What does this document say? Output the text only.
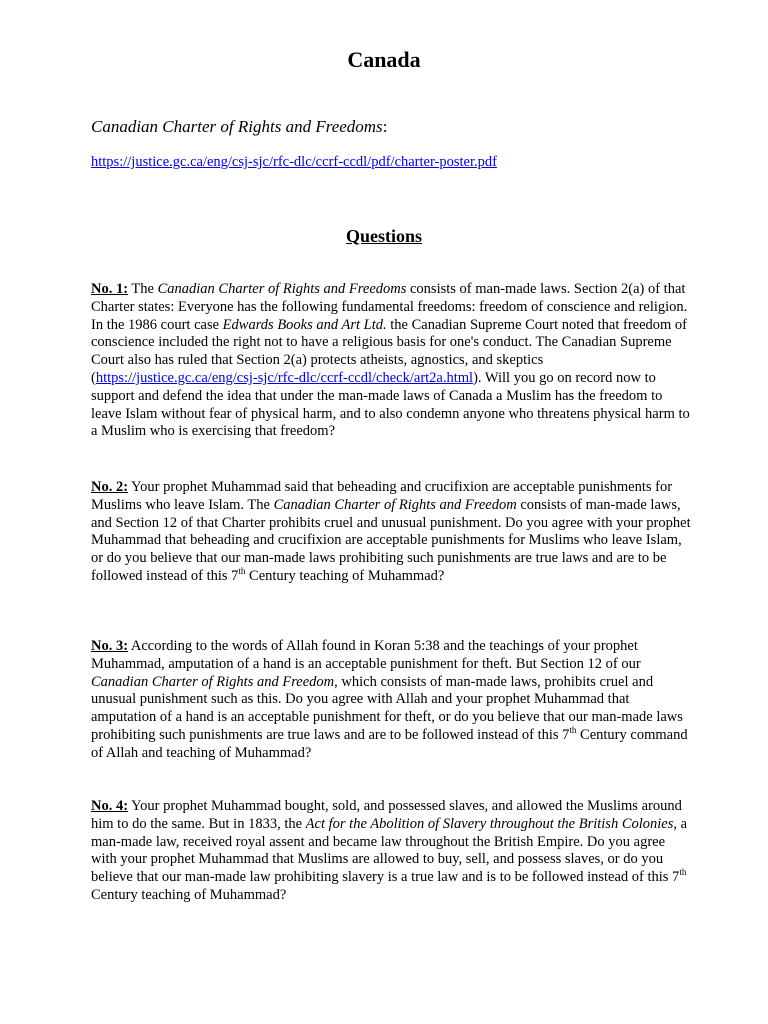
Canada
Canadian Charter of Rights and Freedoms:
https://justice.gc.ca/eng/csj-sjc/rfc-dlc/ccrf-ccdl/pdf/charter-poster.pdf
Questions

No. 1: The Canadian Charter of Rights and Freedoms consists of man-made laws. Section 2(a) of that Charter states: Everyone has the following fundamental freedoms: freedom of conscience and religion. In the 1986 court case Edwards Books and Art Ltd. the Canadian Supreme Court noted that freedom of conscience included the right not to have a religious basis for one's conduct. The Canadian Supreme Court also has ruled that Section 2(a) protects atheists, agnostics, and skeptics (https://justice.gc.ca/eng/csj-sjc/rfc-dlc/ccrf-ccdl/check/art2a.html). Will you go on record now to support and defend the idea that under the man-made laws of Canada a Muslim has the freedom to leave Islam without fear of physical harm, and to also condemn anyone who threatens physical harm to a Muslim who is exercising that freedom?

No. 2: Your prophet Muhammad said that beheading and crucifixion are acceptable punishments for Muslims who leave Islam. The Canadian Charter of Rights and Freedom consists of man-made laws, and Section 12 of that Charter prohibits cruel and unusual punishment. Do you agree with your prophet Muhammad that beheading and crucifixion are acceptable punishments for Muslims who leave Islam, or do you believe that our man-made laws prohibiting such punishments are true laws and are to be followed instead of this 7th Century teaching of Muhammad?

No. 3: According to the words of Allah found in Koran 5:38 and the teachings of your prophet Muhammad, amputation of a hand is an acceptable punishment for theft. But Section 12 of our Canadian Charter of Rights and Freedom, which consists of man-made laws, prohibits cruel and unusual punishment such as this. Do you agree with Allah and your prophet Muhammad that amputation of a hand is an acceptable punishment for theft, or do you believe that our man-made laws prohibiting such punishments are true laws and are to be followed instead of this 7th Century command of Allah and teaching of Muhammad?

No. 4: Your prophet Muhammad bought, sold, and possessed slaves, and allowed the Muslims around him to do the same. But in 1833, the Act for the Abolition of Slavery throughout the British Colonies, a man-made law, received royal assent and became law throughout the British Empire. Do you agree with your prophet Muhammad that Muslims are allowed to buy, sell, and possess slaves, or do you believe that our man-made law prohibiting slavery is a true law and is to be followed instead of this 7th Century teaching of Muhammad?
